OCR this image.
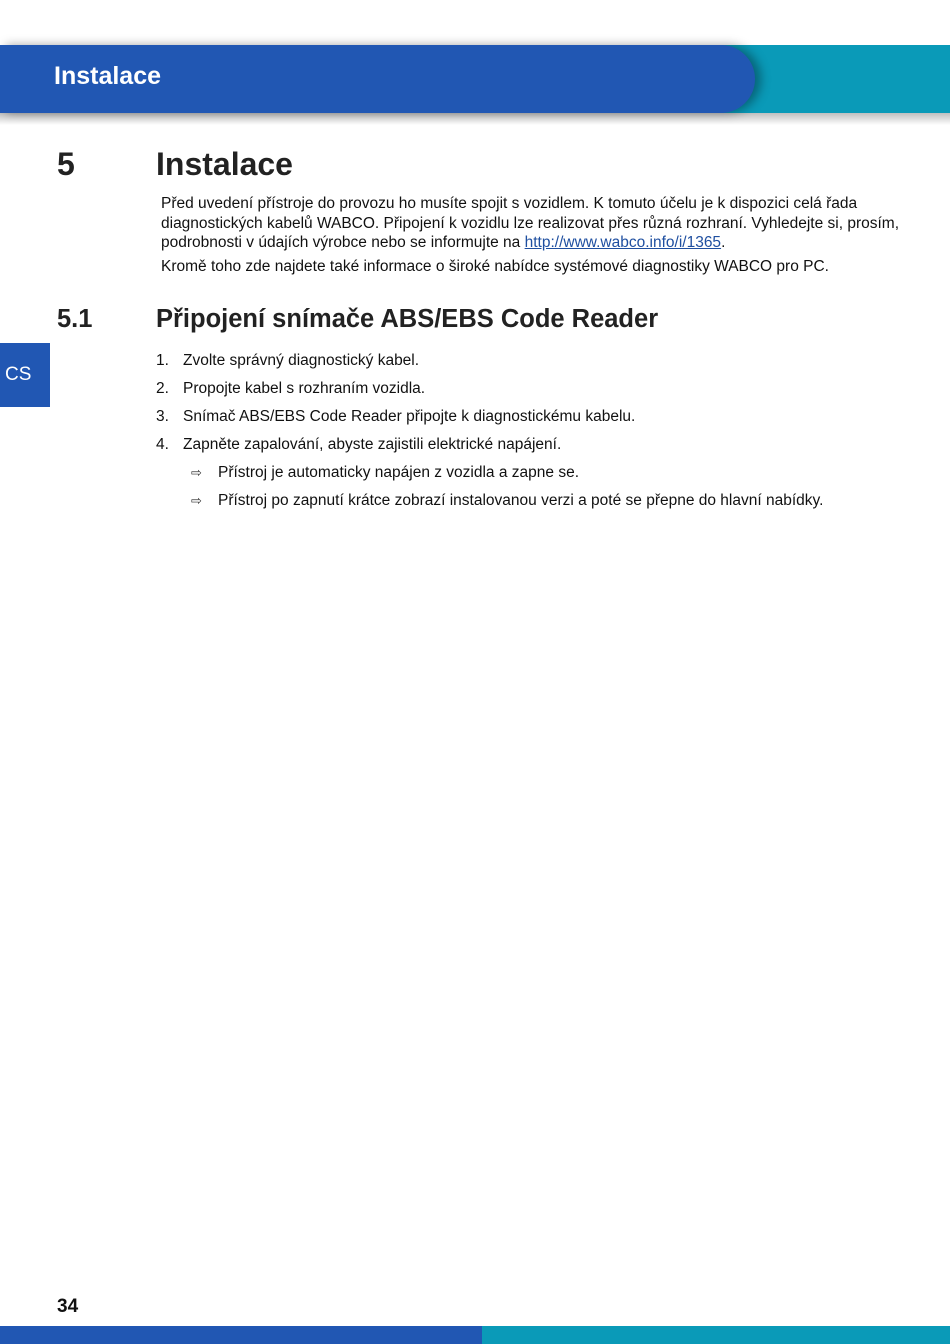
Instalace
CS
5	Instalace
Před uvedení přístroje do provozu ho musíte spojit s vozidlem. K tomuto účelu je k dispozici celá řada diagnostických kabelů WABCO. Připojení k vozidlu lze realizovat přes různá rozhraní. Vyhledejte si, prosím, podrobnosti v údajích výrobce nebo se informujte na http://www.wabco.info/i/1365.
Kromě toho zde najdete také informace o široké nabídce systémové diagnostiky WABCO pro PC.
5.1 Připojení snímače ABS/EBS Code Reader
1. Zvolte správný diagnostický kabel.
2. Propojte kabel s rozhraním vozidla.
3. Snímač ABS/EBS Code Reader připojte k diagnostickému kabelu.
4. Zapněte zapalování, abyste zajistili elektrické napájení.
⇨ Přístroj je automaticky napájen z vozidla a zapne se.
⇨ Přístroj po zapnutí krátce zobrazí instalovanou verzi a poté se přepne do hlavní nabídky.
34
